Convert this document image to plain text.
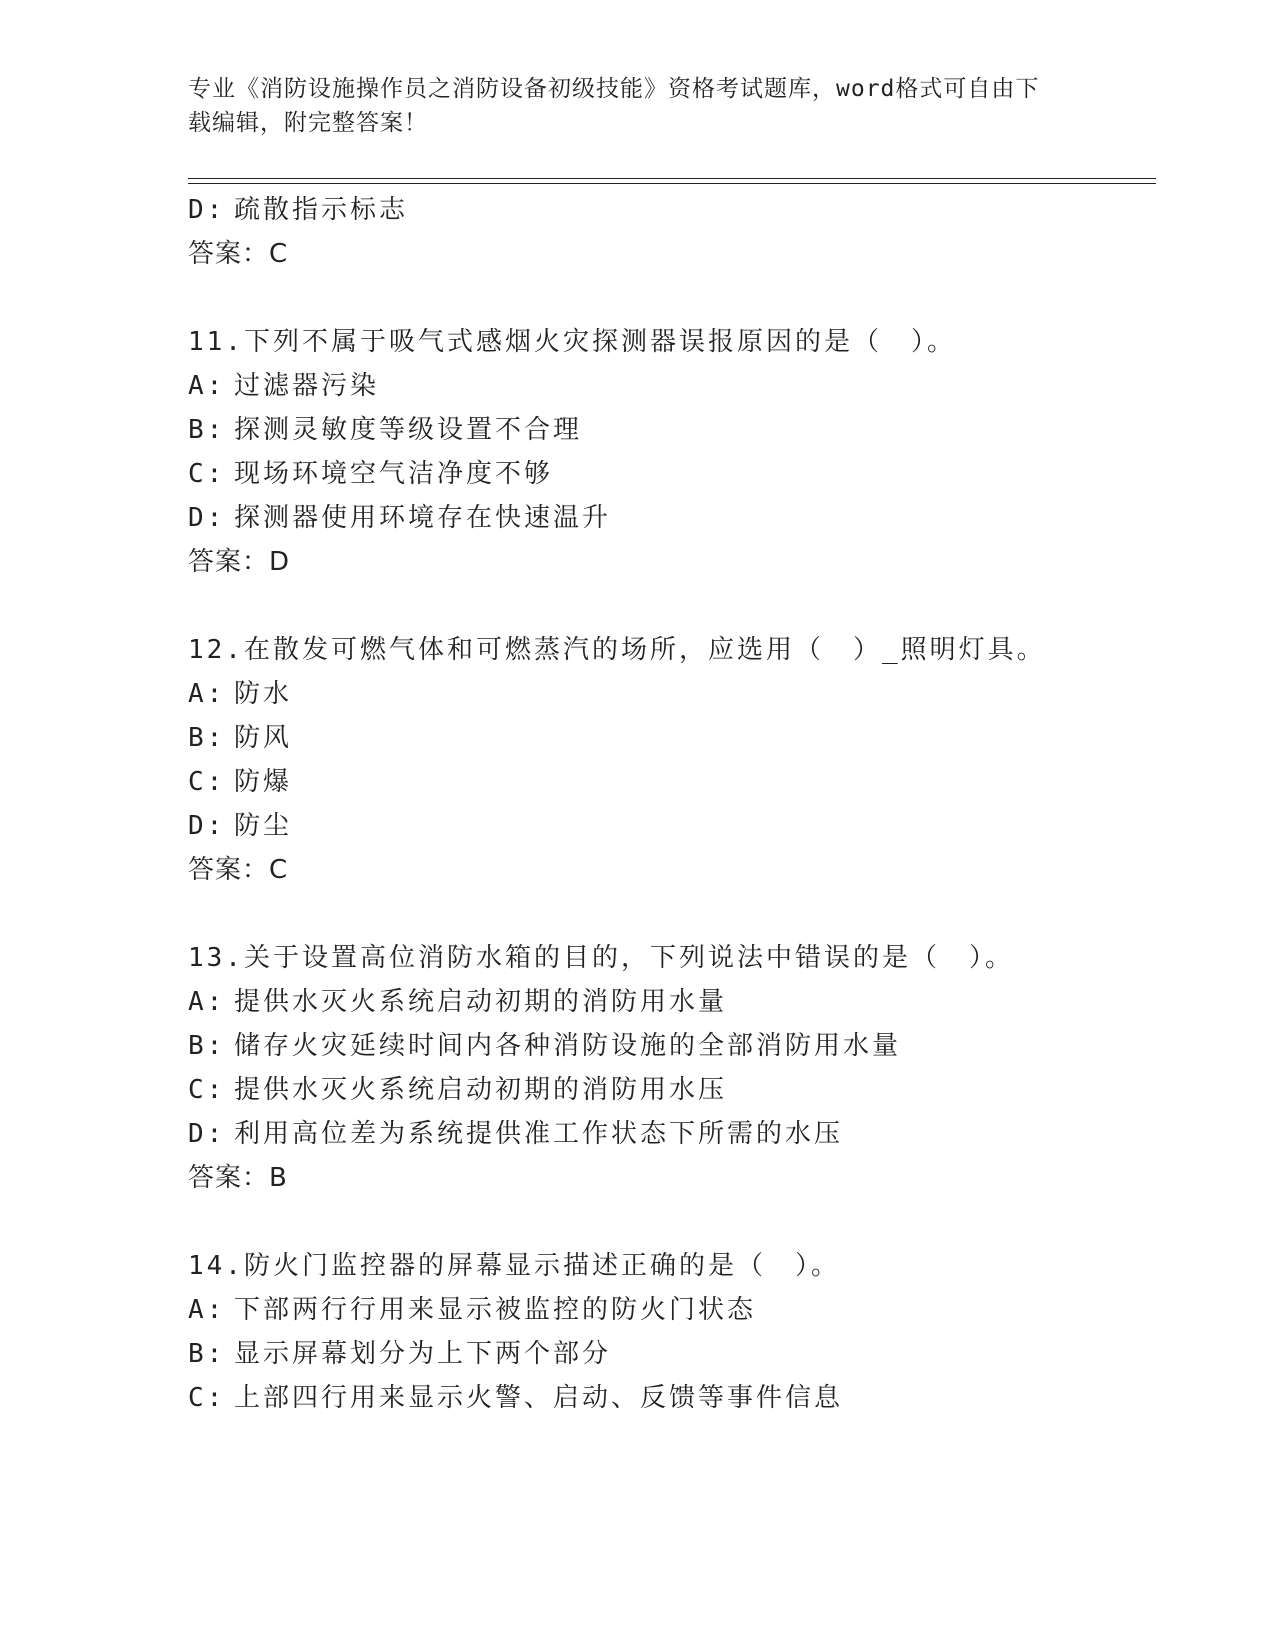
专业《消防设施操作员之消防设备初级技能》资格考试题库，word格式可自由下
载编辑，附完整答案！
D: 疏散指示标志
答案：C
11.下列不属于吸气式感烟火灾探测器误报原因的是（　）。
A: 过滤器污染
B: 探测灵敏度等级设置不合理
C: 现场环境空气洁净度不够
D: 探测器使用环境存在快速温升
答案：D
12.在散发可燃气体和可燃蒸汽的场所，应选用（　）_照明灯具。
A: 防水
B: 防风
C: 防爆
D: 防尘
答案：C
13.关于设置高位消防水箱的目的，下列说法中错误的是（　）。
A: 提供水灭火系统启动初期的消防用水量
B: 储存火灾延续时间内各种消防设施的全部消防用水量
C: 提供水灭火系统启动初期的消防用水压
D: 利用高位差为系统提供准工作状态下所需的水压
答案：B
14.防火门监控器的屏幕显示描述正确的是（　）。
A: 下部两行行用来显示被监控的防火门状态
B: 显示屏幕划分为上下两个部分
C: 上部四行用来显示火警、启动、反馈等事件信息
